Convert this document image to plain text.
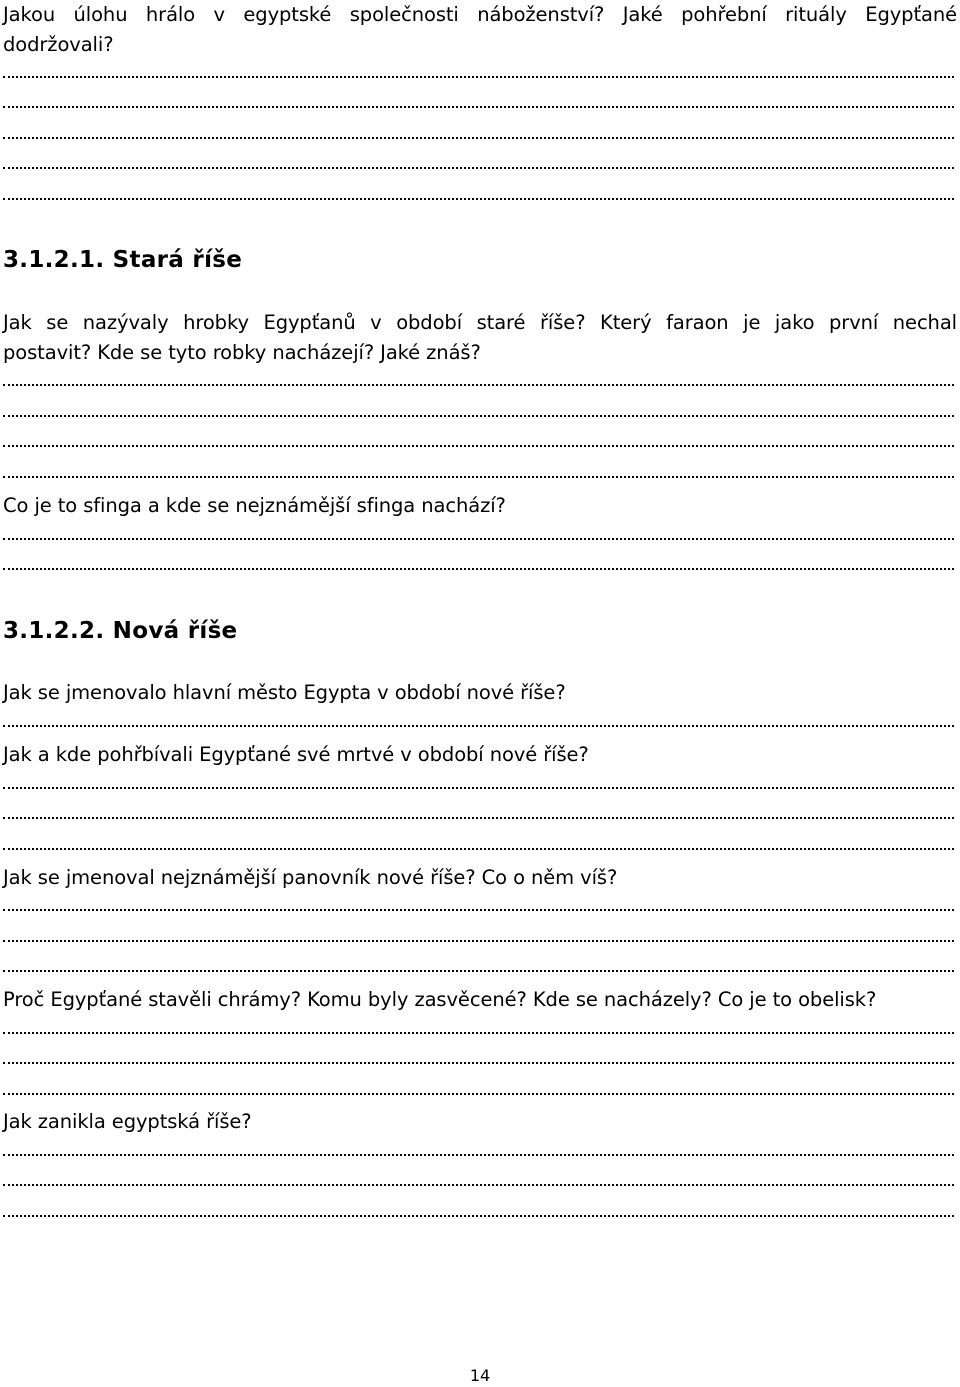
Jakou úlohu hrálo v egyptské společnosti náboženství? Jaké pohřební rituály Egypťané
dodržovali?
3.1.2.1. Stará říše
Jak se nazývaly hrobky Egypťanů v období staré říše? Který faraon je jako první nechal
postavit? Kde se tyto robky nacházejí? Jaké znáš?
Co je to sfinga a kde se nejznámější sfinga nachází?
3.1.2.2. Nová říše
Jak se jmenovalo hlavní město Egypta v období nové říše?
Jak a kde pohřbívali Egypťané své mrtvé v období nové říše?
Jak se jmenoval nejznámější panovník nové říše? Co o něm víš?
Proč Egypťané stavěli chrámy? Komu byly zasvěcené? Kde se nacházely? Co je to obelisk?
Jak zanikla egyptská říše?
14
